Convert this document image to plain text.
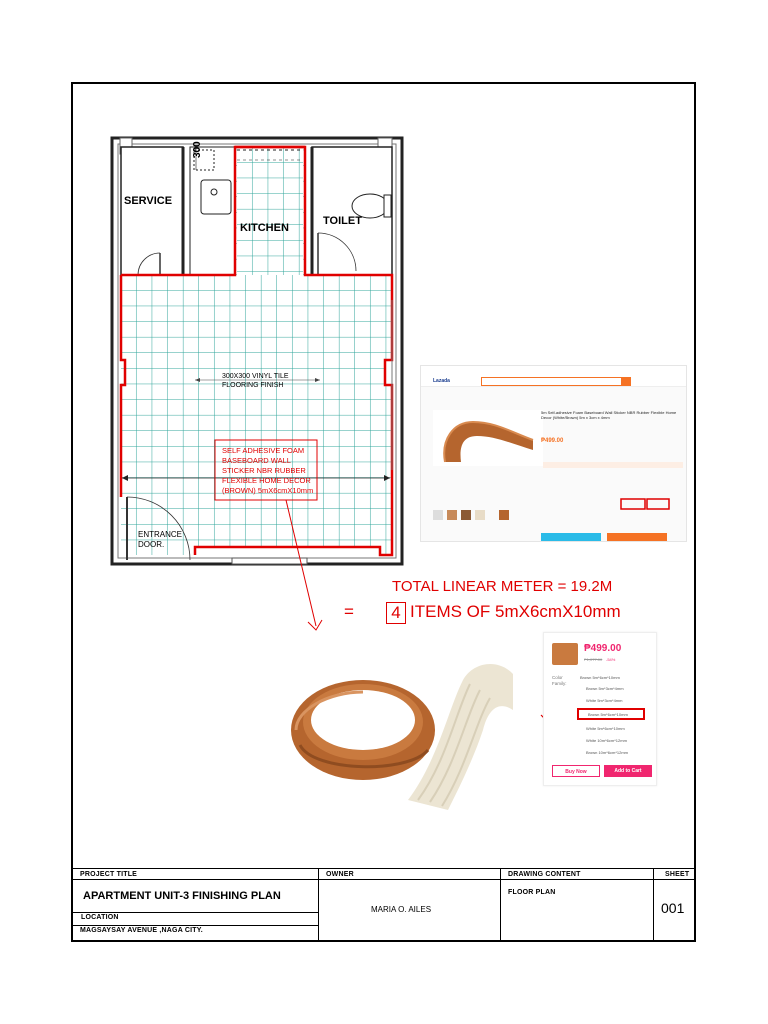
SERVICE
KITCHEN
TOILET
ENTRANCE
DOOR.
300
300X300 VINYL TILE
FLOORING FINISH
SELF ADHESIVE FOAM
BASEBOARD WALL
STICKER NBR RUBBER
FLEXIBLE HOME DECOR
(BROWN) 5mX6cmX10mm
Lazada
5m Self-adhesive Foam Baseboard Wall Sticker NBR Rubber Flexible Home Decor (White/Brown) 5m x 3cm x 4mm
₱499.00
TOTAL LINEAR METER = 19.2M
=	4 ITEMS OF 5mX6cmX10mm
₱499.00
₱1,077.00 -54%
Color Family:
Brown 5m*6cm*10mm
Brown 5m*3cm*4mm
White 5m*3cm*4mm
Brown 5m*6cm*10mm
White 5m*6cm*10mm
White 10m*6cm*12mm
Brown 10m*6cm*12mm
Buy Now	Add to Cart
PROJECT TITLE
APARTMENT UNIT-3 FINISHING PLAN
LOCATION
MAGSAYSAY AVENUE ,NAGA CITY.
OWNER
MARIA O. AILES
DRAWING CONTENT
FLOOR PLAN
SHEET
001
